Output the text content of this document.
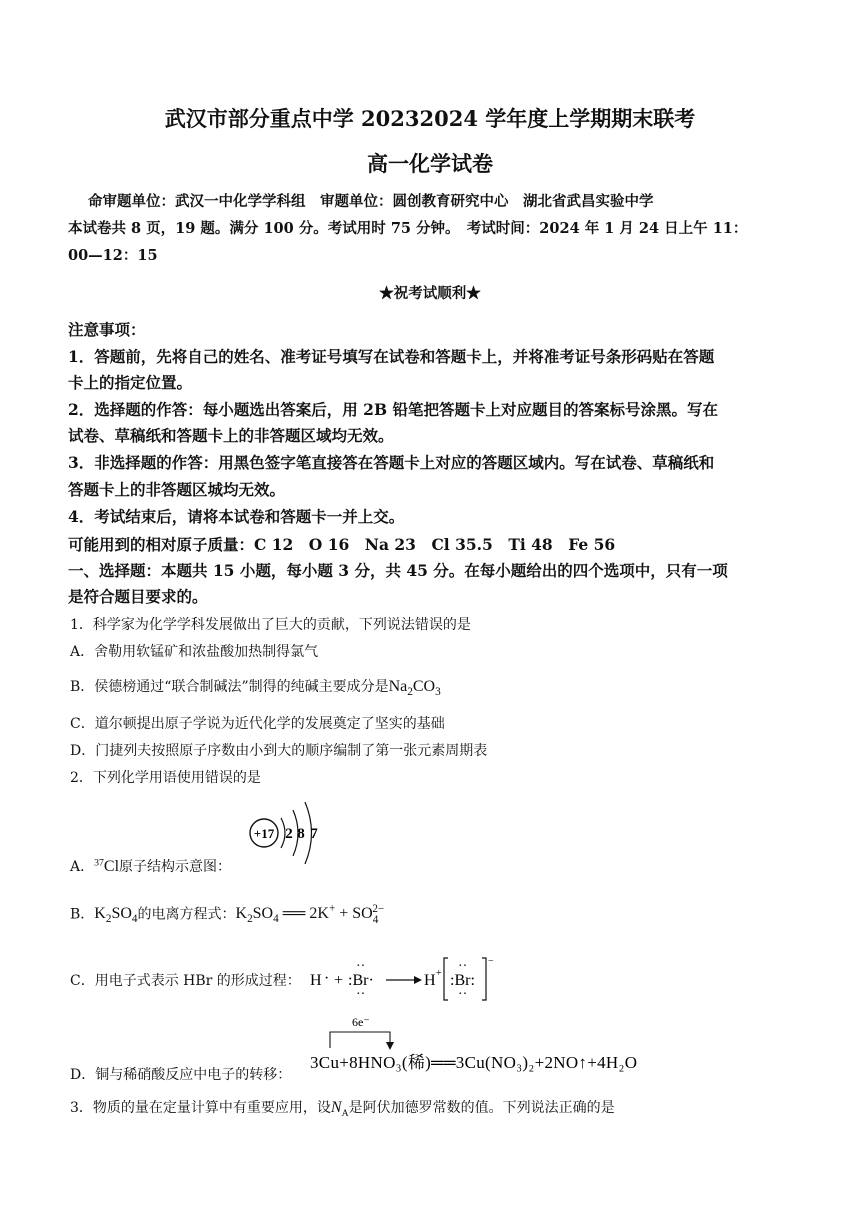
武汉市部分重点中学 20232024 学年度上学期期末联考
高一化学试卷
命审题单位：武汉一中化学学科组　审题单位：圆创教育研究中心　湖北省武昌实验中学
本试卷共 8 页，19 题。满分 100 分。考试用时 75 分钟。　考试时间：2024 年 1 月 24 日上午 11：
00—12：15
★祝考试顺利★
注意事项：
1．答题前，先将自己的姓名、准考证号填写在试卷和答题卡上，并将准考证号条形码贴在答题
卡上的指定位置。
2．选择题的作答：每小题选出答案后，用 2B 铅笔把答题卡上对应题目的答案标号涂黑。写在
试卷、草稿纸和答题卡上的非答题区域均无效。
3．非选择题的作答：用黑色签字笔直接答在答题卡上对应的答题区域内。写在试卷、草稿纸和
答题卡上的非答题区城均无效。
4．考试结束后，请将本试卷和答题卡一并上交。
可能用到的相对原子质量：C 12　O 16　Na 23　Cl 35.5　Ti 48　Fe 56
一、选择题：本题共 15 小题，每小题 3 分，共 45 分。在每小题给出的四个选项中，只有一项
是符合题目要求的。
1．科学家为化学学科发展做出了巨大的贡献，下列说法错误的是
A．舍勒用软锰矿和浓盐酸加热制得氯气
B．侯德榜通过“联合制碱法”制得的纯碱主要成分是$Na_2CO_3$
C．道尔顿提出原子学说为近代化学的发展奠定了坚实的基础
D．门捷列夫按照原子序数由小到大的顺序编制了第一张元素周期表
2．下列化学用语使用错误的是
+17 2 8 7
A．$^{37}$Cl原子结构示意图：
B．$K_2SO_4$的电离方程式：$K_2SO_4$ ══ $2K^+ + SO_4^{2-}$
C．用电子式表示 HBr 的形成过程： H · + :Br·
··
··
H + :Br:
··
··
−
D．铜与稀硝酸反应中电子的转移：
6e⁻
3Cu+8HNO₃(稀)══3Cu(NO₃)₂+2NO↑+4H₂O
3．物质的量在定量计算中有重要应用，设$N_A$是阿伏加德罗常数的值。下列说法正确的是
